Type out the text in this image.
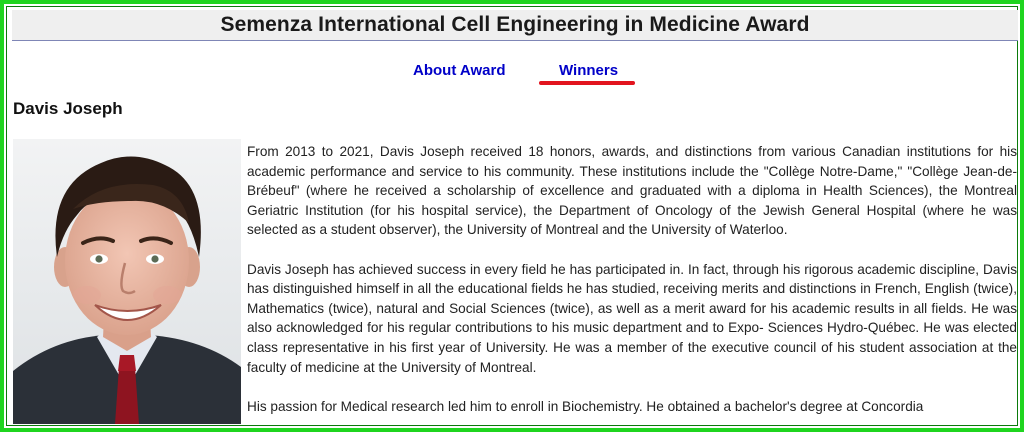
Semenza International Cell Engineering in Medicine Award
About Award	Winners
Davis Joseph

From 2013 to 2021, Davis Joseph received 18 honors, awards, and distinctions from various Canadian institutions for his academic performance and service to his community. These institutions include the "Collège Notre-Dame," "Collège Jean-de-Brébeuf" (where he received a scholarship of excellence and graduated with a diploma in Health Sciences), the Montreal Geriatric Institution (for his hospital service), the Department of Oncology of the Jewish General Hospital (where he was selected as a student observer), the University of Montreal and the University of Waterloo.

Davis Joseph has achieved success in every field he has participated in. In fact, through his rigorous academic discipline, Davis has distinguished himself in all the educational fields he has studied, receiving merits and distinctions in French, English (twice), Mathematics (twice), natural and Social Sciences (twice), as well as a merit award for his academic results in all fields. He was also acknowledged for his regular contributions to his music department and to Expo- Sciences Hydro-Québec. He was elected class representative in his first year of University. He was a member of the executive council of his student association at the faculty of medicine at the University of Montreal.

His passion for Medical research led him to enroll in Biochemistry. He obtained a bachelor's degree at Concordia
